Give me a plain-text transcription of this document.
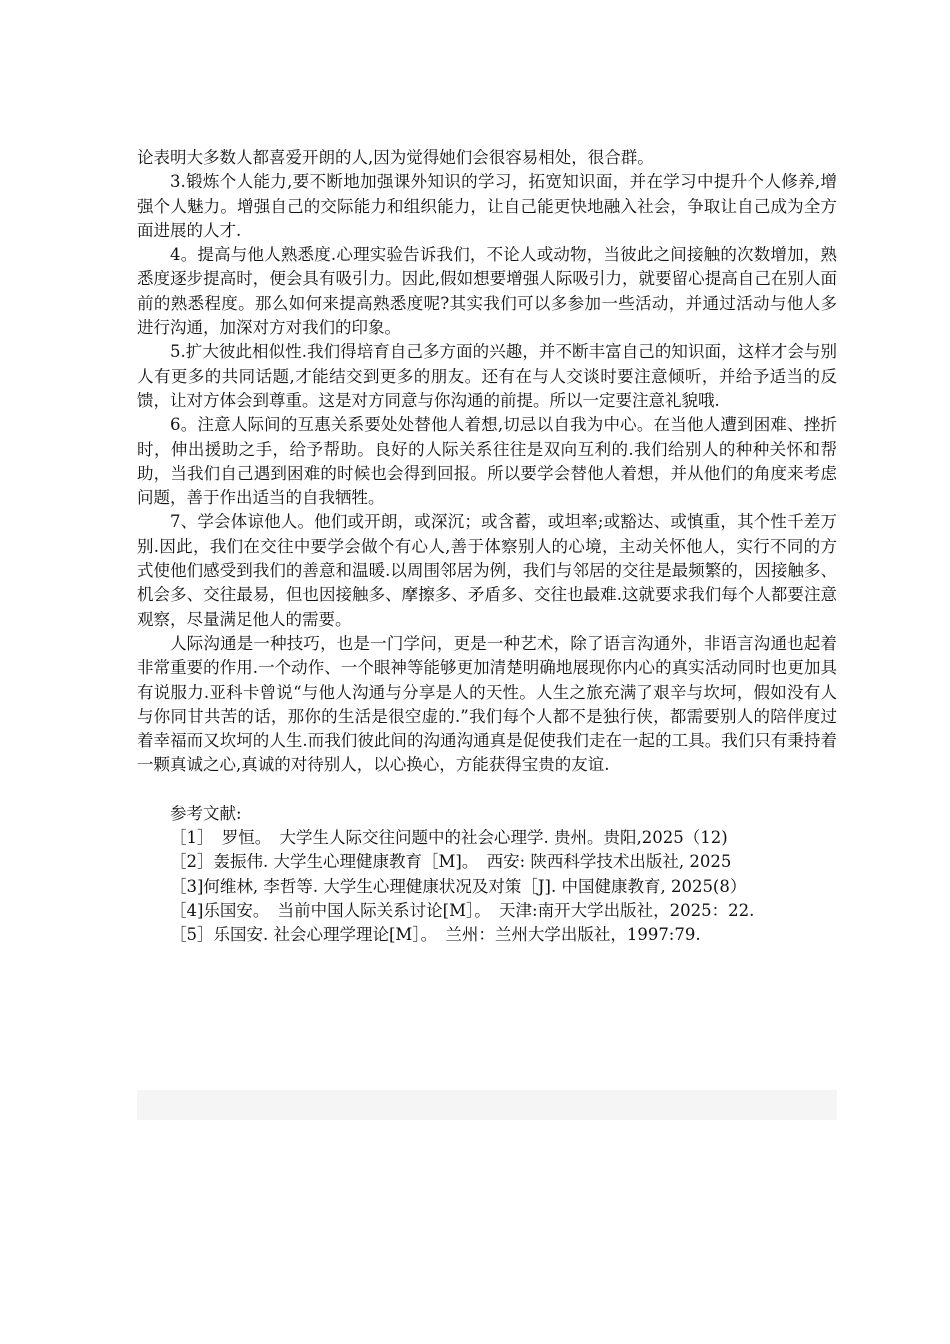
论表明大多数人都喜爱开朗的人,因为觉得她们会很容易相处，很合群。

3.锻炼个人能力,要不断地加强课外知识的学习，拓宽知识面，并在学习中提升个人修养,增强个人魅力。增强自己的交际能力和组织能力，让自己能更快地融入社会，争取让自己成为全方面进展的人才.

4。提高与他人熟悉度.心理实验告诉我们，不论人或动物，当彼此之间接触的次数增加，熟悉度逐步提高时，便会具有吸引力。因此,假如想要增强人际吸引力，就要留心提高自己在别人面前的熟悉程度。那么如何来提高熟悉度呢?其实我们可以多参加一些活动，并通过活动与他人多进行沟通，加深对方对我们的印象。

5.扩大彼此相似性.我们得培育自己多方面的兴趣，并不断丰富自己的知识面，这样才会与别人有更多的共同话题,才能结交到更多的朋友。还有在与人交谈时要注意倾听，并给予适当的反馈，让对方体会到尊重。这是对方同意与你沟通的前提。所以一定要注意礼貌哦.

6。注意人际间的互惠关系要处处替他人着想,切忌以自我为中心。在当他人遭到困难、挫折时，伸出援助之手，给予帮助。良好的人际关系往往是双向互利的.我们给别人的种种关怀和帮助，当我们自己遇到困难的时候也会得到回报。所以要学会替他人着想，并从他们的角度来考虑问题，善于作出适当的自我牺牲。

7、学会体谅他人。他们或开朗，或深沉；或含蓄，或坦率;或豁达、或慎重，其个性千差万别.因此，我们在交往中要学会做个有心人,善于体察别人的心境，主动关怀他人，实行不同的方式使他们感受到我们的善意和温暖.以周围邻居为例，我们与邻居的交往是最频繁的，因接触多、机会多、交往最易，但也因接触多、摩擦多、矛盾多、交往也最难.这就要求我们每个人都要注意观察，尽量满足他人的需要。

人际沟通是一种技巧，也是一门学问，更是一种艺术，除了语言沟通外，非语言沟通也起着非常重要的作用.一个动作、一个眼神等能够更加清楚明确地展现你内心的真实活动同时也更加具有说服力.亚科卡曾说“与他人沟通与分享是人的天性。人生之旅充满了艰辛与坎坷，假如没有人与你同甘共苦的话，那你的生活是很空虚的.”我们每个人都不是独行侠，都需要别人的陪伴度过着幸福而又坎坷的人生.而我们彼此间的沟通沟通真是促使我们走在一起的工具。我们只有秉持着一颗真诚之心,真诚的对待别人，以心换心，方能获得宝贵的友谊.

参考文献:

［1］　罗恒。　大学生人际交往问题中的社会心理学. 贵州。贵阳,2025（12)

［2］轰振伟. 大学生心理健康教育［M]。　西安: 陕西科学技术出版社, 2025

［3]何维林, 李哲等. 大学生心理健康状况及对策［J]. 中国健康教育, 2025(8）

［4]乐国安。　当前中国人际关系讨论[M］。　天津:南开大学出版社，2025：22.

［5］乐国安. 社会心理学理论[M］。　兰州：兰州大学出版社，1997:79.
